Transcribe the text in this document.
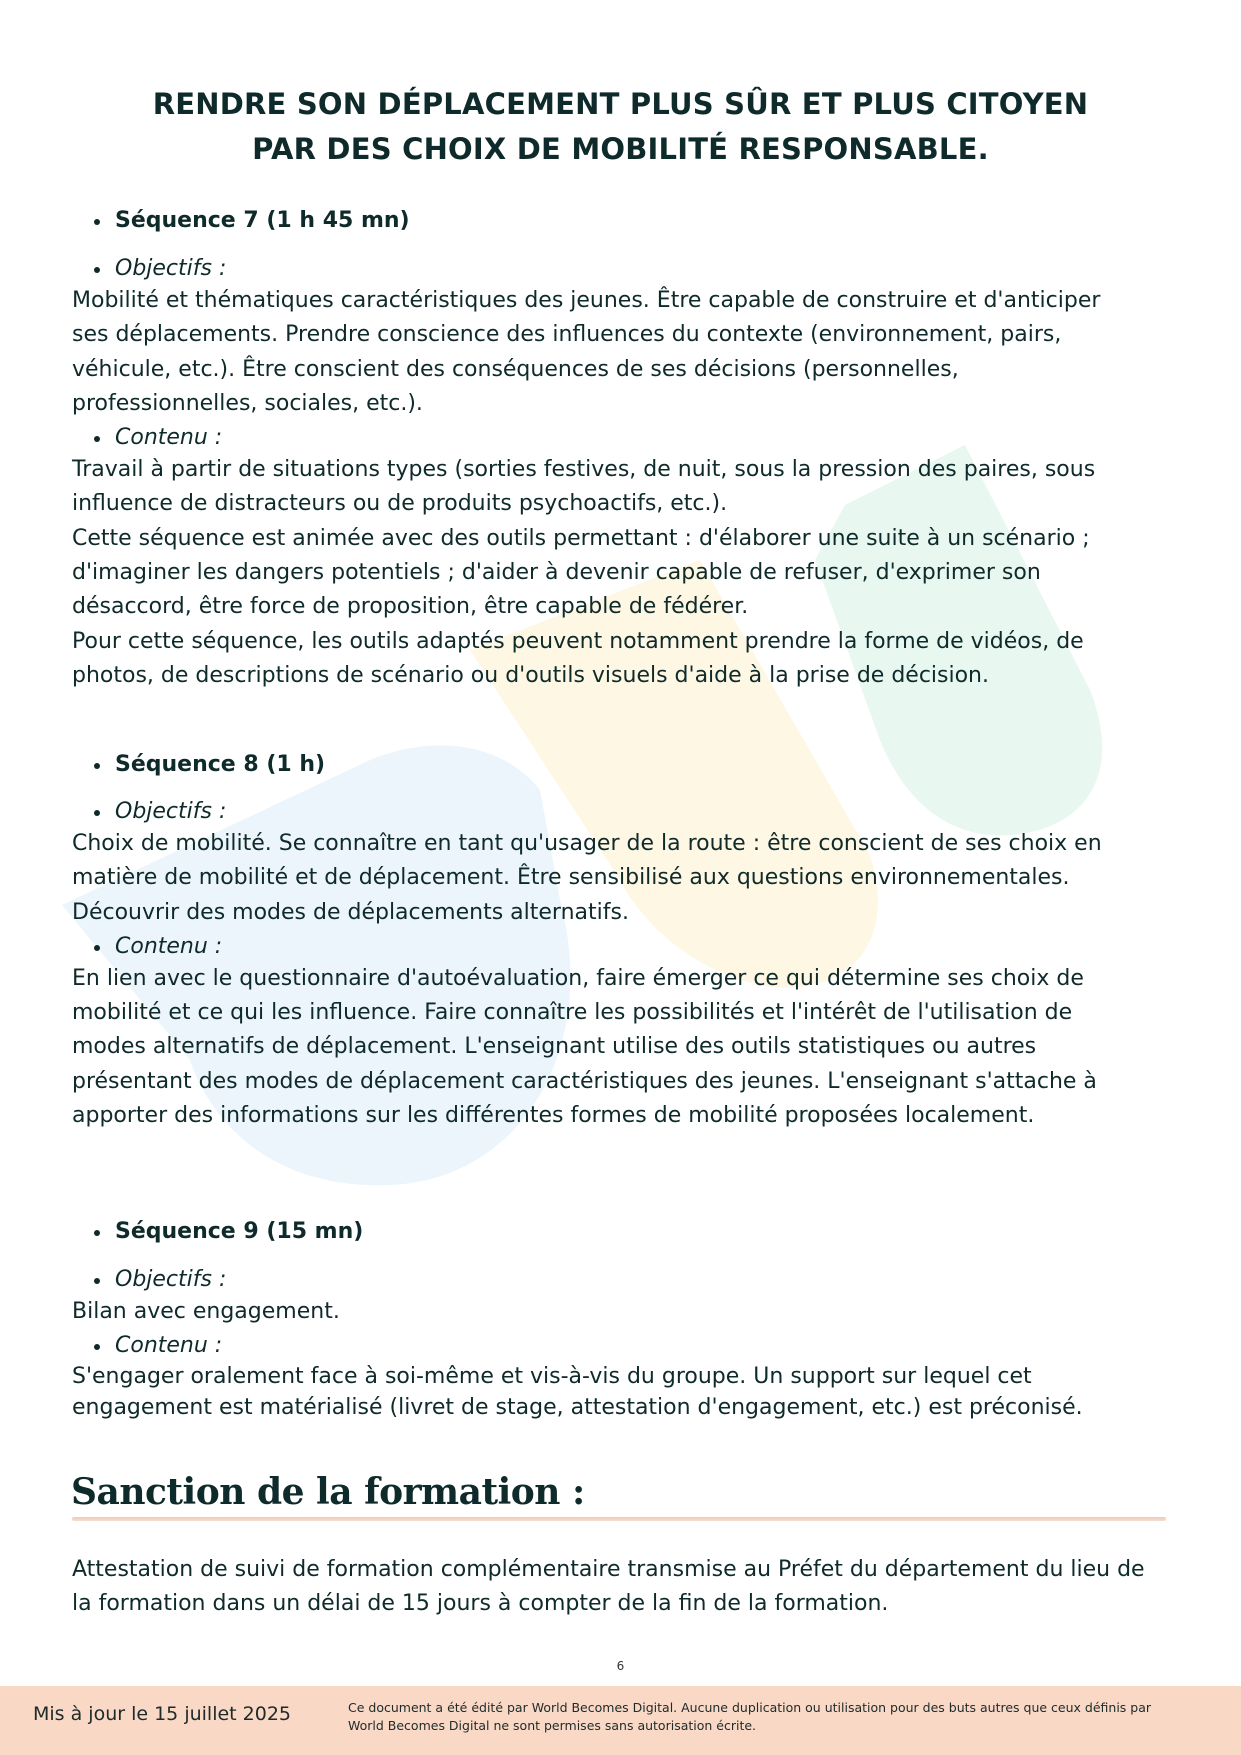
RENDRE SON DÉPLACEMENT PLUS SÛR ET PLUS CITOYEN
PAR DES CHOIX DE MOBILITÉ RESPONSABLE.
Séquence 7 (1 h 45 mn)
Objectifs :
Mobilité et thématiques caractéristiques des jeunes. Être capable de construire et d'anticiper
ses déplacements. Prendre conscience des influences du contexte (environnement, pairs,
véhicule, etc.). Être conscient des conséquences de ses décisions (personnelles,
professionnelles, sociales, etc.).
Contenu :
Travail à partir de situations types (sorties festives, de nuit, sous la pression des paires, sous
influence de distracteurs ou de produits psychoactifs, etc.).
Cette séquence est animée avec des outils permettant : d'élaborer une suite à un scénario ;
d'imaginer les dangers potentiels ; d'aider à devenir capable de refuser, d'exprimer son
désaccord, être force de proposition, être capable de fédérer.
Pour cette séquence, les outils adaptés peuvent notamment prendre la forme de vidéos, de
photos, de descriptions de scénario ou d'outils visuels d'aide à la prise de décision.
Séquence 8 (1 h)
Objectifs :
Choix de mobilité. Se connaître en tant qu'usager de la route : être conscient de ses choix en
matière de mobilité et de déplacement. Être sensibilisé aux questions environnementales.
Découvrir des modes de déplacements alternatifs.
Contenu :
En lien avec le questionnaire d'autoévaluation, faire émerger ce qui détermine ses choix de
mobilité et ce qui les influence. Faire connaître les possibilités et l'intérêt de l'utilisation de
modes alternatifs de déplacement. L'enseignant utilise des outils statistiques ou autres
présentant des modes de déplacement caractéristiques des jeunes. L'enseignant s'attache à
apporter des informations sur les différentes formes de mobilité proposées localement.
Séquence 9 (15 mn)
Objectifs :
Bilan avec engagement.
Contenu :
S'engager oralement face à soi-même et vis-à-vis du groupe. Un support sur lequel cet
engagement est matérialisé (livret de stage, attestation d'engagement, etc.) est préconisé.
Sanction de la formation :
Attestation de suivi de formation complémentaire transmise au Préfet du département du lieu de
la formation dans un délai de 15 jours à compter de la fin de la formation.
6
Mis à jour le 15 juillet 2025	Ce document a été édité par World Becomes Digital. Aucune duplication ou utilisation pour des buts autres que ceux définis par
World Becomes Digital ne sont permises sans autorisation écrite.
